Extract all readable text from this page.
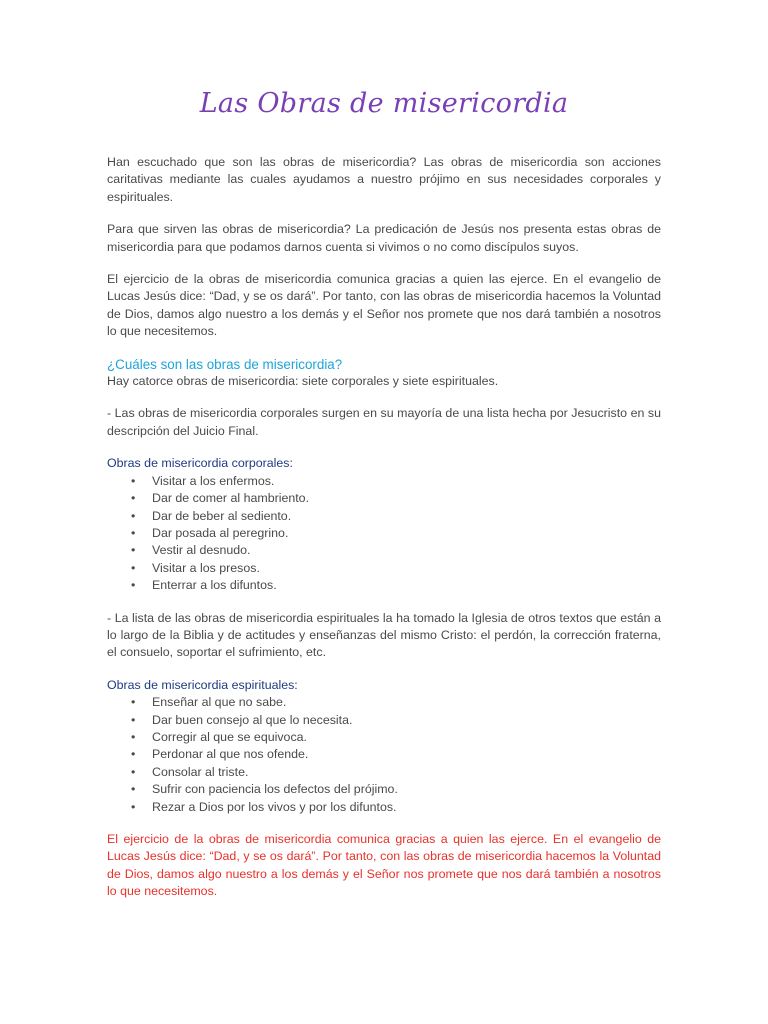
Las Obras de misericordia

Han escuchado que son las obras de misericordia? Las obras de misericordia son acciones caritativas mediante las cuales ayudamos a nuestro prójimo en sus necesidades corporales y espirituales.

Para que sirven las obras de misericordia? La predicación de Jesús nos presenta estas obras de misericordia para que podamos darnos cuenta si vivimos o no como discípulos suyos.

El ejercicio de la obras de misericordia comunica gracias a quien las ejerce. En el evangelio de Lucas Jesús dice: “Dad, y se os dará”. Por tanto, con las obras de misericordia hacemos la Voluntad de Dios, damos algo nuestro a los demás y el Señor nos promete que nos dará también a nosotros lo que necesitemos.

¿Cuáles son las obras de misericordia?

Hay catorce obras de misericordia: siete corporales y siete espirituales.

- Las obras de misericordia corporales surgen en su mayoría de una lista hecha por Jesucristo en su descripción del Juicio Final.

Obras de misericordia corporales:

• Visitar a los enfermos.
• Dar de comer al hambriento.
• Dar de beber al sediento.
• Dar posada al peregrino.
• Vestir al desnudo.
• Visitar a los presos.
• Enterrar a los difuntos.

- La lista de las obras de misericordia espirituales la ha tomado la Iglesia de otros textos que están a lo largo de la Biblia y de actitudes y enseñanzas del mismo Cristo: el perdón, la corrección fraterna, el consuelo, soportar el sufrimiento, etc.

Obras de misericordia espirituales:

• Enseñar al que no sabe.
• Dar buen consejo al que lo necesita.
• Corregir al que se equivoca.
• Perdonar al que nos ofende.
• Consolar al triste.
• Sufrir con paciencia los defectos del prójimo.
• Rezar a Dios por los vivos y por los difuntos.

El ejercicio de la obras de misericordia comunica gracias a quien las ejerce. En el evangelio de Lucas Jesús dice: “Dad, y se os dará”. Por tanto, con las obras de misericordia hacemos la Voluntad de Dios, damos algo nuestro a los demás y el Señor nos promete que nos dará también a nosotros lo que necesitemos.
